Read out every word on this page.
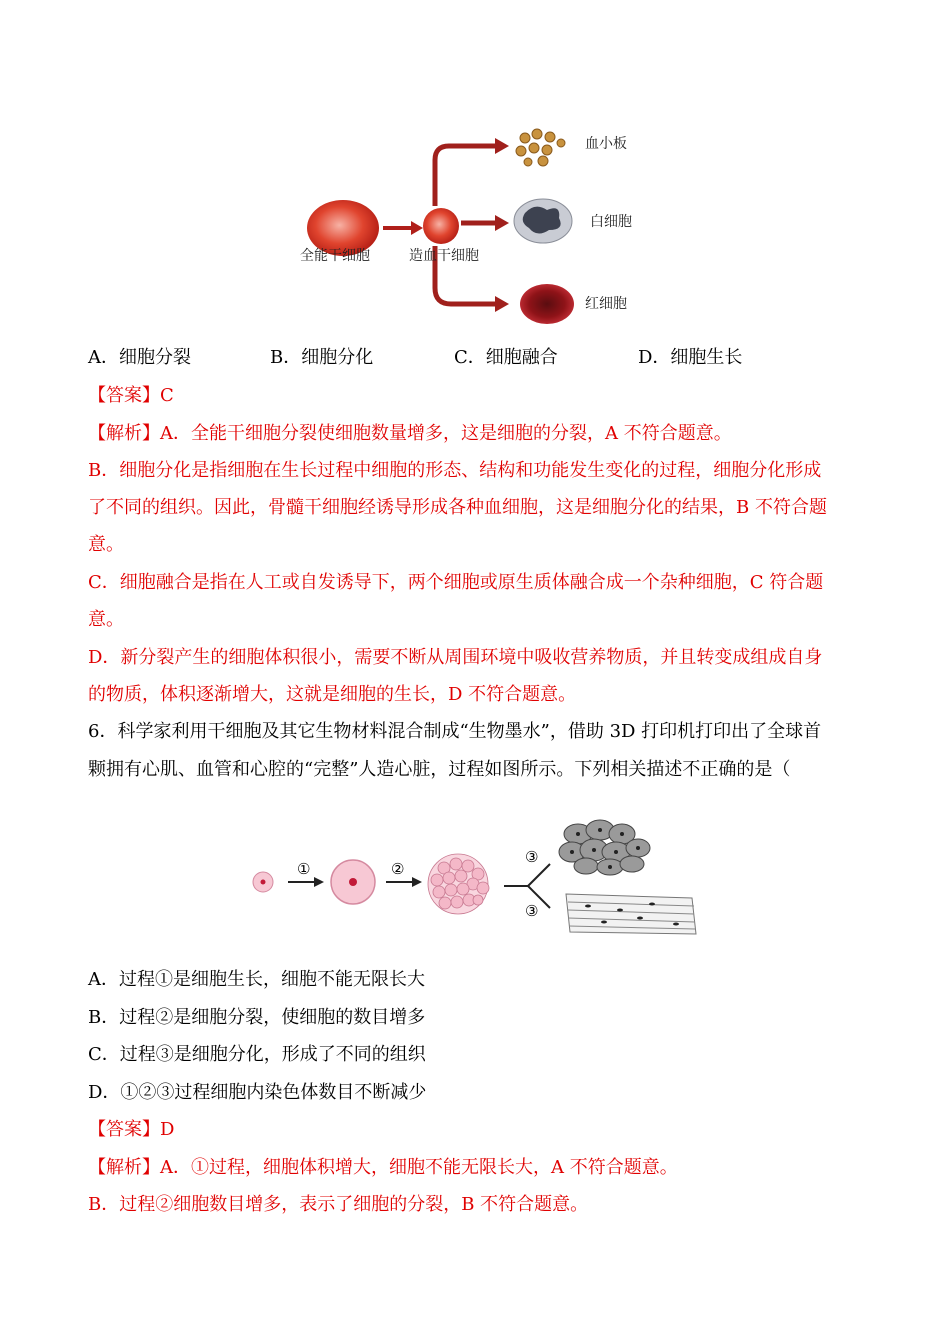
全能干细胞	造血干细胞
血小板
白细胞
红细胞
A．细胞分裂	B．细胞分化	C．细胞融合	D．细胞生长
【答案】C
【解析】A．全能干细胞分裂使细胞数量增多，这是细胞的分裂，A 不符合题意。
B．细胞分化是指细胞在生长过程中细胞的形态、结构和功能发生变化的过程，细胞分化形成
了不同的组织。因此，骨髓干细胞经诱导形成各种血细胞，这是细胞分化的结果，B 不符合题
意。
C．细胞融合是指在人工或自发诱导下，两个细胞或原生质体融合成一个杂种细胞，C 符合题
意。
D．新分裂产生的细胞体积很小，需要不断从周围环境中吸收营养物质，并且转变成组成自身
的物质，体积逐渐增大，这就是细胞的生长，D 不符合题意。
6．科学家利用干细胞及其它生物材料混合制成“生物墨水”，借助 3D 打印机打印出了全球首
颗拥有心肌、血管和心腔的“完整”人造心脏，过程如图所示。下列相关描述不正确的是（
①	②
③
③
A．过程①是细胞生长，细胞不能无限长大
B．过程②是细胞分裂，使细胞的数目增多
C．过程③是细胞分化，形成了不同的组织
D．①②③过程细胞内染色体数目不断减少
【答案】D
【解析】A．①过程，细胞体积增大，细胞不能无限长大，A 不符合题意。
B．过程②细胞数目增多，表示了细胞的分裂，B 不符合题意。
